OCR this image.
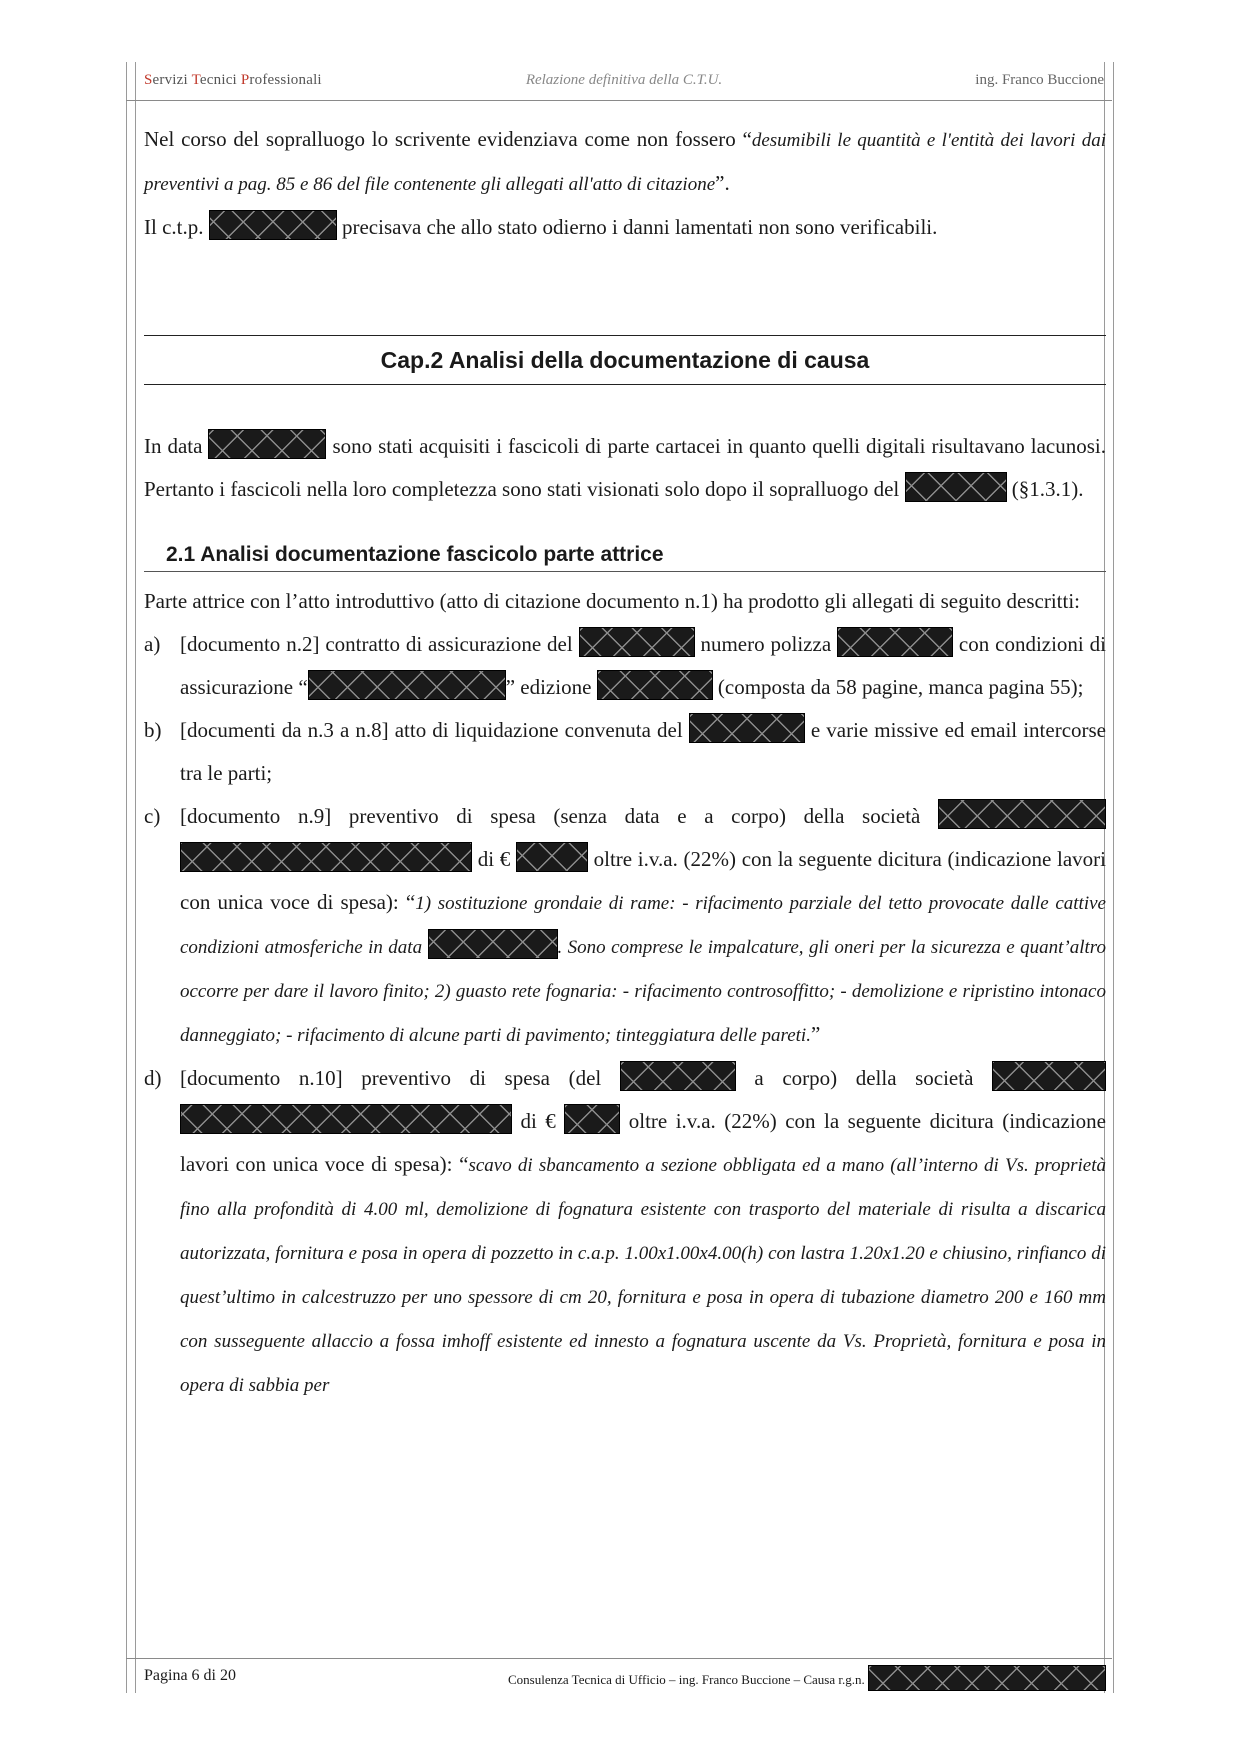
Servizi Tecnici Professionali	Relazione definitiva della C.T.U.	ing. Franco Buccione

Nel corso del sopralluogo lo scrivente evidenziava come non fossero “desumibili le quantità e l'entità dei lavori dai preventivi a pag. 85 e 86 del file contenente gli allegati all'atto di citazione”.

Il c.t.p.	precisava che allo stato odierno i danni lamentati non sono verificabili.

Cap.2 Analisi della documentazione di causa

In data	sono stati acquisiti i fascicoli di parte cartacei in quanto quelli digitali risultavano lacunosi. Pertanto i fascicoli nella loro completezza sono stati visionati solo dopo il sopralluogo del	(§1.3.1).

2.1 Analisi documentazione fascicolo parte attrice

Parte attrice con l’atto introduttivo (atto di citazione documento n.1) ha prodotto gli allegati di seguito descritti:

a) [documento n.2] contratto di assicurazione del	numero polizza	con condizioni di assicurazione “	” edizione	(composta da 58 pagine, manca pagina 55);
b) [documenti da n.3 a n.8] atto di liquidazione convenuta del	e varie missive ed email intercorse tra le parti;
c) [documento n.9] preventivo di spesa (senza data e a corpo) della società   di €	oltre i.v.a. (22%) con la seguente dicitura (indicazione lavori con unica voce di spesa): “1) sostituzione grondaie di rame: - rifacimento parziale del tetto provocate dalle cattive condizioni atmosferiche in data	. Sono comprese le impalcature, gli oneri per la sicurezza e quant’altro occorre per dare il lavoro finito; 2) guasto rete fognaria: - rifacimento controsoffitto; - demolizione e ripristino intonaco danneggiato; - rifacimento di alcune parti di pavimento; tinteggiatura delle pareti.”
d) [documento n.10] preventivo di spesa (del	a corpo) della società   di €	oltre i.v.a. (22%) con la seguente dicitura (indicazione lavori con unica voce di spesa): “scavo di sbancamento a sezione obbligata ed a mano (all’interno di Vs. proprietà fino alla profondità di 4.00 ml, demolizione di fognatura esistente con trasporto del materiale di risulta a discarica autorizzata, fornitura e posa in opera di pozzetto in c.a.p. 1.00x1.00x4.00(h) con lastra 1.20x1.20 e chiusino, rinfianco di quest’ultimo in calcestruzzo per uno spessore di cm 20, fornitura e posa in opera di tubazione diametro 200 e 160 mm con susseguente allaccio a fossa imhoff esistente ed innesto a fognatura uscente da Vs. Proprietà, fornitura e posa in opera di sabbia per
Pagina 6 di 20	Consulenza Tecnica di Ufficio – ing. Franco Buccione – Causa r.g.n.
